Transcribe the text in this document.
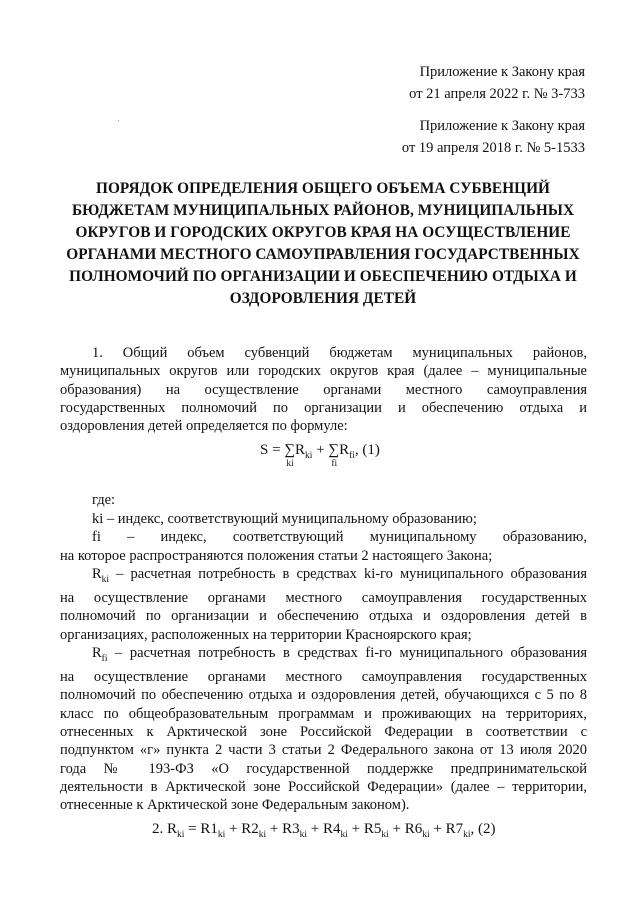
Приложение к Закону края
от 21 апреля 2022 г. № 3-733
Приложение к Закону края
от 19 апреля 2018 г. № 5-1533
ПОРЯДОК ОПРЕДЕЛЕНИЯ ОБЩЕГО ОБЪЕМА СУБВЕНЦИЙ
БЮДЖЕТАМ МУНИЦИПАЛЬНЫХ РАЙОНОВ, МУНИЦИПАЛЬНЫХ
ОКРУГОВ И ГОРОДСКИХ ОКРУГОВ КРАЯ НА ОСУЩЕСТВЛЕНИЕ
ОРГАНАМИ МЕСТНОГО САМОУПРАВЛЕНИЯ ГОСУДАРСТВЕННЫХ
ПОЛНОМОЧИЙ ПО ОРГАНИЗАЦИИ И ОБЕСПЕЧЕНИЮ ОТДЫХА И
ОЗДОРОВЛЕНИЯ ДЕТЕЙ
1. Общий объем субвенций бюджетам муниципальных районов,
муниципальных округов или городских округов края (далее – муниципальные
образования) на осуществление органами местного самоуправления
государственных полномочий по организации и обеспечению отдыха и
оздоровления детей определяется по формуле:
$S = \sum R_{ki}$
ki
+ $\sum R_{fi}$
fi
, (1)
где:
ki – индекс, соответствующий муниципальному образованию;
fi – индекс, соответствующий муниципальному образованию,
на которое распространяются положения статьи 2 настоящего Закона;
$R_{ki}$ – расчетная потребность в средствах ki-го муниципального образования
на осуществление органами местного самоуправления государственных
полномочий по организации и обеспечению отдыха и оздоровления детей в
организациях, расположенных на территории Красноярского края;
$R_{fi}$ – расчетная потребность в средствах fi-го муниципального образования
на осуществление органами местного самоуправления государственных
полномочий по обеспечению отдыха и оздоровления детей, обучающихся с 5 по 8
класс по общеобразовательным программам и проживающих на территориях,
отнесенных к Арктической зоне Российской Федерации в соответствии с
подпунктом «г» пункта 2 части 3 статьи 2 Федерального закона от 13 июля 2020
года № 193-ФЗ «О государственной поддержке предпринимательской
деятельности в Арктической зоне Российской Федерации» (далее – территории,
отнесенные к Арктической зоне Федеральным законом).
2. $R_{ki} = R1_{ki} + R2_{ki} + R3_{ki} + R4_{ki} + R5_{ki} + R6_{ki} + R7_{ki}$, (2)
